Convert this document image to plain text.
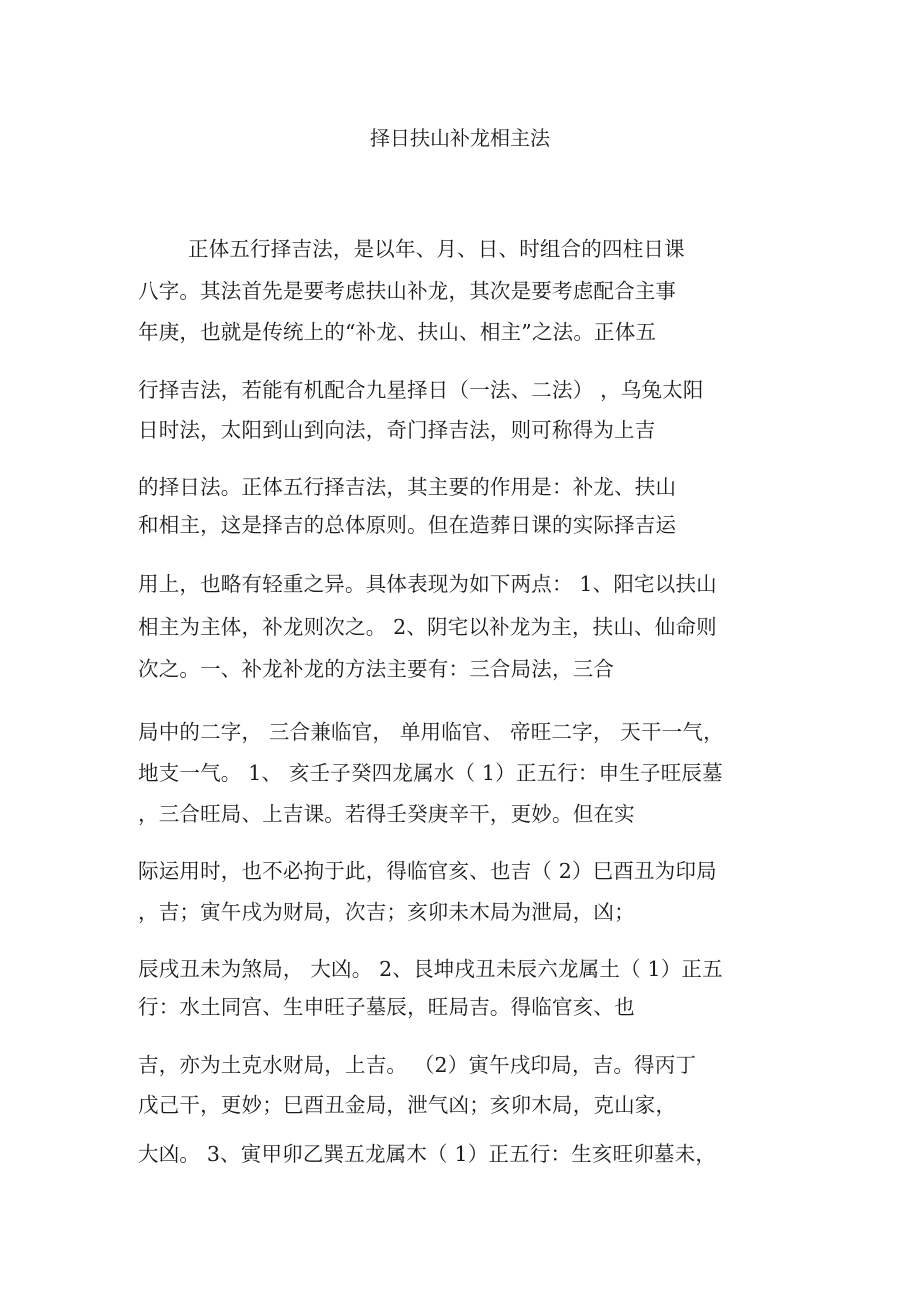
择日扶山补龙相主法
正体五行择吉法，是以年、月、日、时组合的四柱日课
八字。其法首先是要考虑扶山补龙，其次是要考虑配合主事
年庚，也就是传统上的“补龙、扶山、相主”之法。正体五
行择吉法，若能有机配合九星择日（一法、二法） ，乌兔太阳
日时法，太阳到山到向法，奇门择吉法，则可称得为上吉
的择日法。正体五行择吉法，其主要的作用是：补龙、扶山
和相主，这是择吉的总体原则。但在造葬日课的实际择吉运
用上，也略有轻重之异。具体表现为如下两点： 1、阳宅以扶山
相主为主体，补龙则次之。 2、阴宅以补龙为主，扶山、仙命则
次之。一、补龙补龙的方法主要有：三合局法，三合
局中的二字， 三合兼临官， 单用临官、 帝旺二字， 天干一气，
地支一气。 1、 亥壬子癸四龙属水（ 1）正五行：申生子旺辰墓
，三合旺局、上吉课。若得壬癸庚辛干，更妙。但在实
际运用时，也不必拘于此，得临官亥、也吉（ 2）巳酉丑为印局
，吉；寅午戌为财局，次吉；亥卯未木局为泄局，凶；
辰戌丑未为煞局， 大凶。 2、艮坤戌丑未辰六龙属土（ 1）正五
行：水土同宫、生申旺子墓辰，旺局吉。得临官亥、也
吉，亦为土克水财局，上吉。 （2）寅午戌印局，吉。得丙丁
戊己干，更妙；巳酉丑金局，泄气凶；亥卯木局，克山家，
大凶。 3、寅甲卯乙巽五龙属木（ 1）正五行：生亥旺卯墓未，
